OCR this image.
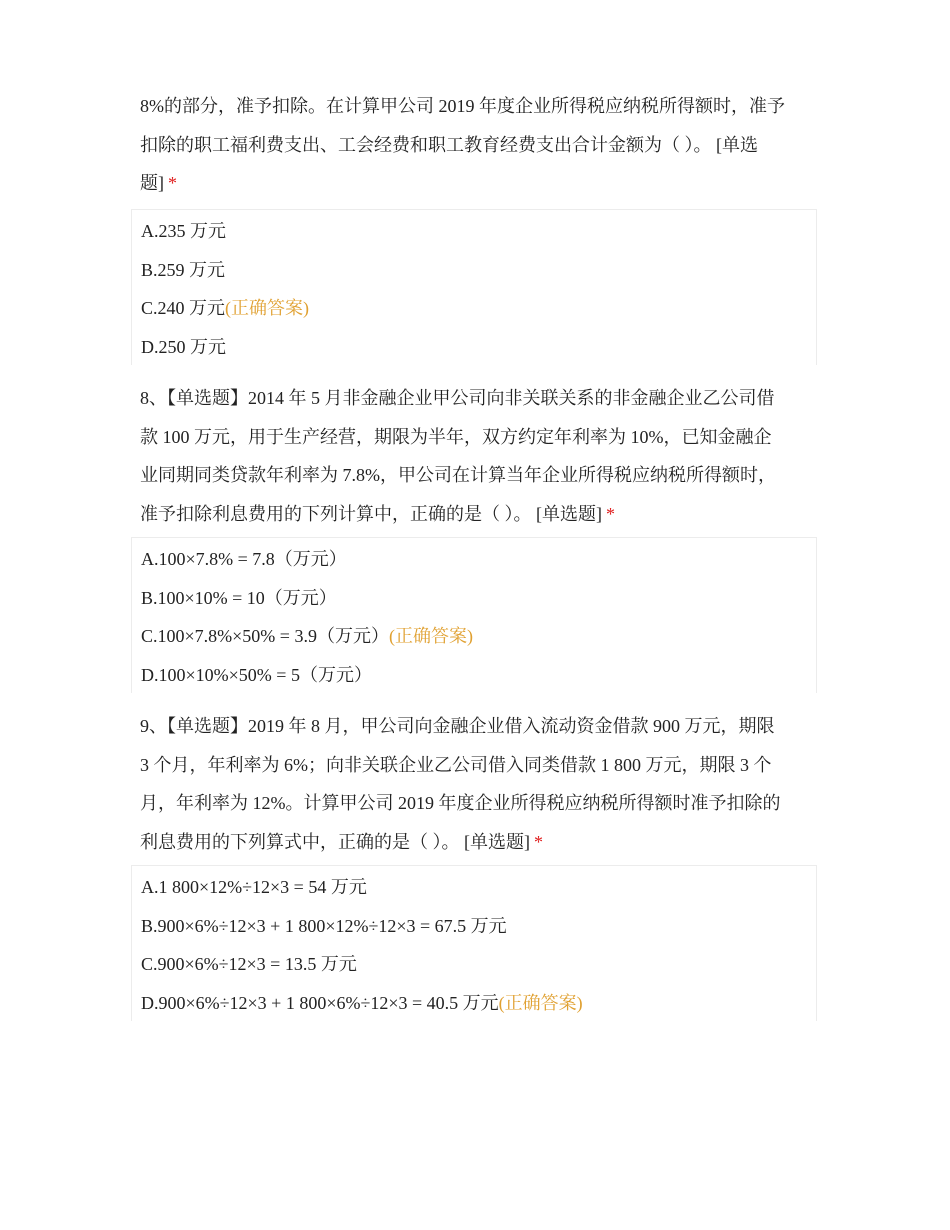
8%的部分，准予扣除。在计算甲公司 2019 年度企业所得税应纳税所得额时，准予
扣除的职工福利费支出、工会经费和职工教育经费支出合计金额为（ ）。 [单选
题] *
A.235 万元
B.259 万元
C.240 万元(正确答案)
D.250 万元
8、【单选题】2014 年 5 月非金融企业甲公司向非关联关系的非金融企业乙公司借
款 100 万元，用于生产经营，期限为半年，双方约定年利率为 10%，已知金融企
业同期同类贷款年利率为 7.8%，甲公司在计算当年企业所得税应纳税所得额时，
准予扣除利息费用的下列计算中，正确的是（ ）。 [单选题] *
A.100×7.8% = 7.8（万元）
B.100×10% = 10（万元）
C.100×7.8%×50% = 3.9（万元）(正确答案)
D.100×10%×50% = 5（万元）
9、【单选题】2019 年 8 月，甲公司向金融企业借入流动资金借款 900 万元，期限
3 个月，年利率为 6%；向非关联企业乙公司借入同类借款 1 800 万元，期限 3 个
月，年利率为 12%。计算甲公司 2019 年度企业所得税应纳税所得额时准予扣除的
利息费用的下列算式中，正确的是（ ）。 [单选题] *
A.1 800×12%÷12×3 = 54 万元
B.900×6%÷12×3 + 1 800×12%÷12×3 = 67.5 万元
C.900×6%÷12×3 = 13.5 万元
D.900×6%÷12×3 + 1 800×6%÷12×3 = 40.5 万元(正确答案)
